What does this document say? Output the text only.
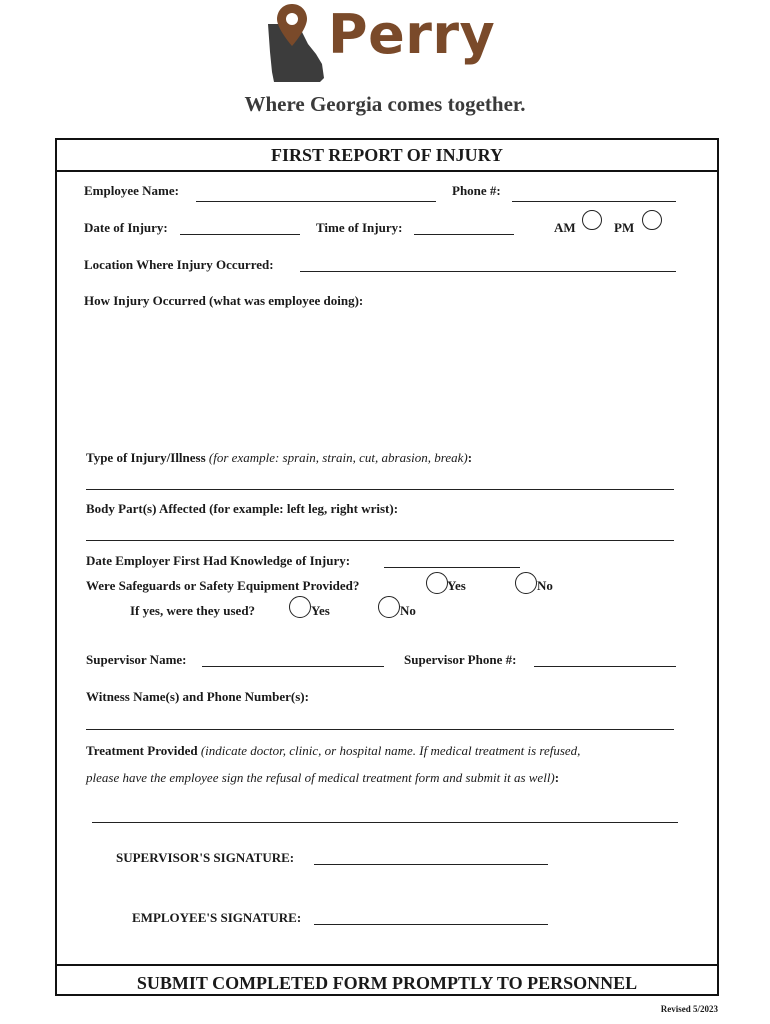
Perry
Where Georgia comes together.
FIRST REPORT OF INJURY
Employee Name:	Phone #:
Date of Injury:	Time of Injury:	AM	PM
Location Where Injury Occurred:
How Injury Occurred (what was employee doing):
Type of Injury/Illness (for example: sprain, strain, cut, abrasion, break):
Body Part(s) Affected (for example: left leg, right wrist):
Date Employer First Had Knowledge of Injury:
Were Safeguards or Safety Equipment Provided?	Yes	No
If yes, were they used?	Yes	No
Supervisor Name:	Supervisor Phone #:
Witness Name(s) and Phone Number(s):
Treatment Provided (indicate doctor, clinic, or hospital name. If medical treatment is refused,
please have the employee sign the refusal of medical treatment form and submit it as well):
SUPERVISOR'S SIGNATURE:
EMPLOYEE'S SIGNATURE:
SUBMIT COMPLETED FORM PROMPTLY TO PERSONNEL
Revised 5/2023
